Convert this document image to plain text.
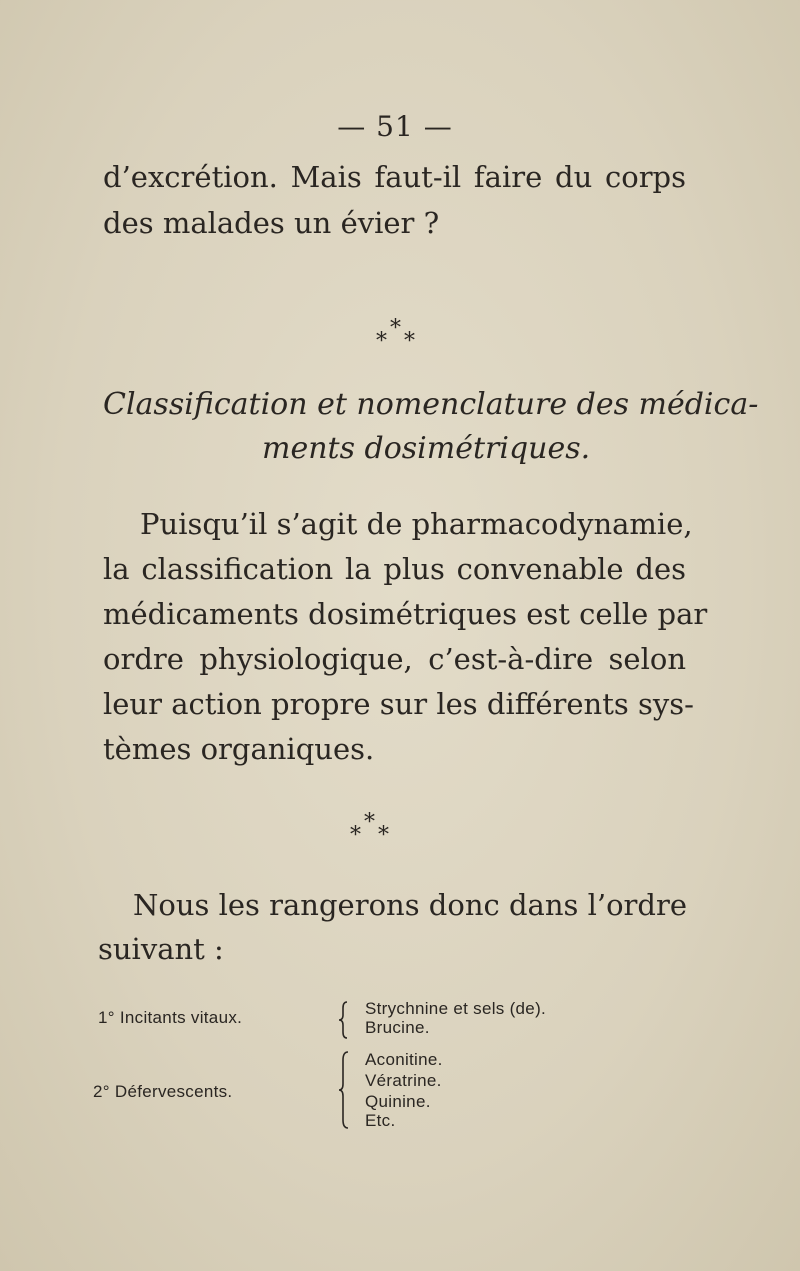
— 51 —
d’excrétion. Mais faut-il faire du corps
des malades un évier ?
*
* *
Classification et nomenclature des médica-
ments dosimétriques.
Puisqu’il s’agit de pharmacodynamie,
la classification la plus convenable des
médicaments dosimétriques est celle par
ordre physiologique, c’est-à-dire selon
leur action propre sur les différents sys-
tèmes organiques.
*
* *
Nous les rangerons donc dans l’ordre
suivant :
1° Incitants vitaux.	Strychnine et sels (de).
Brucine.
2° Défervescents.
Aconitine.
Vératrine.
Quinine.
Etc.
